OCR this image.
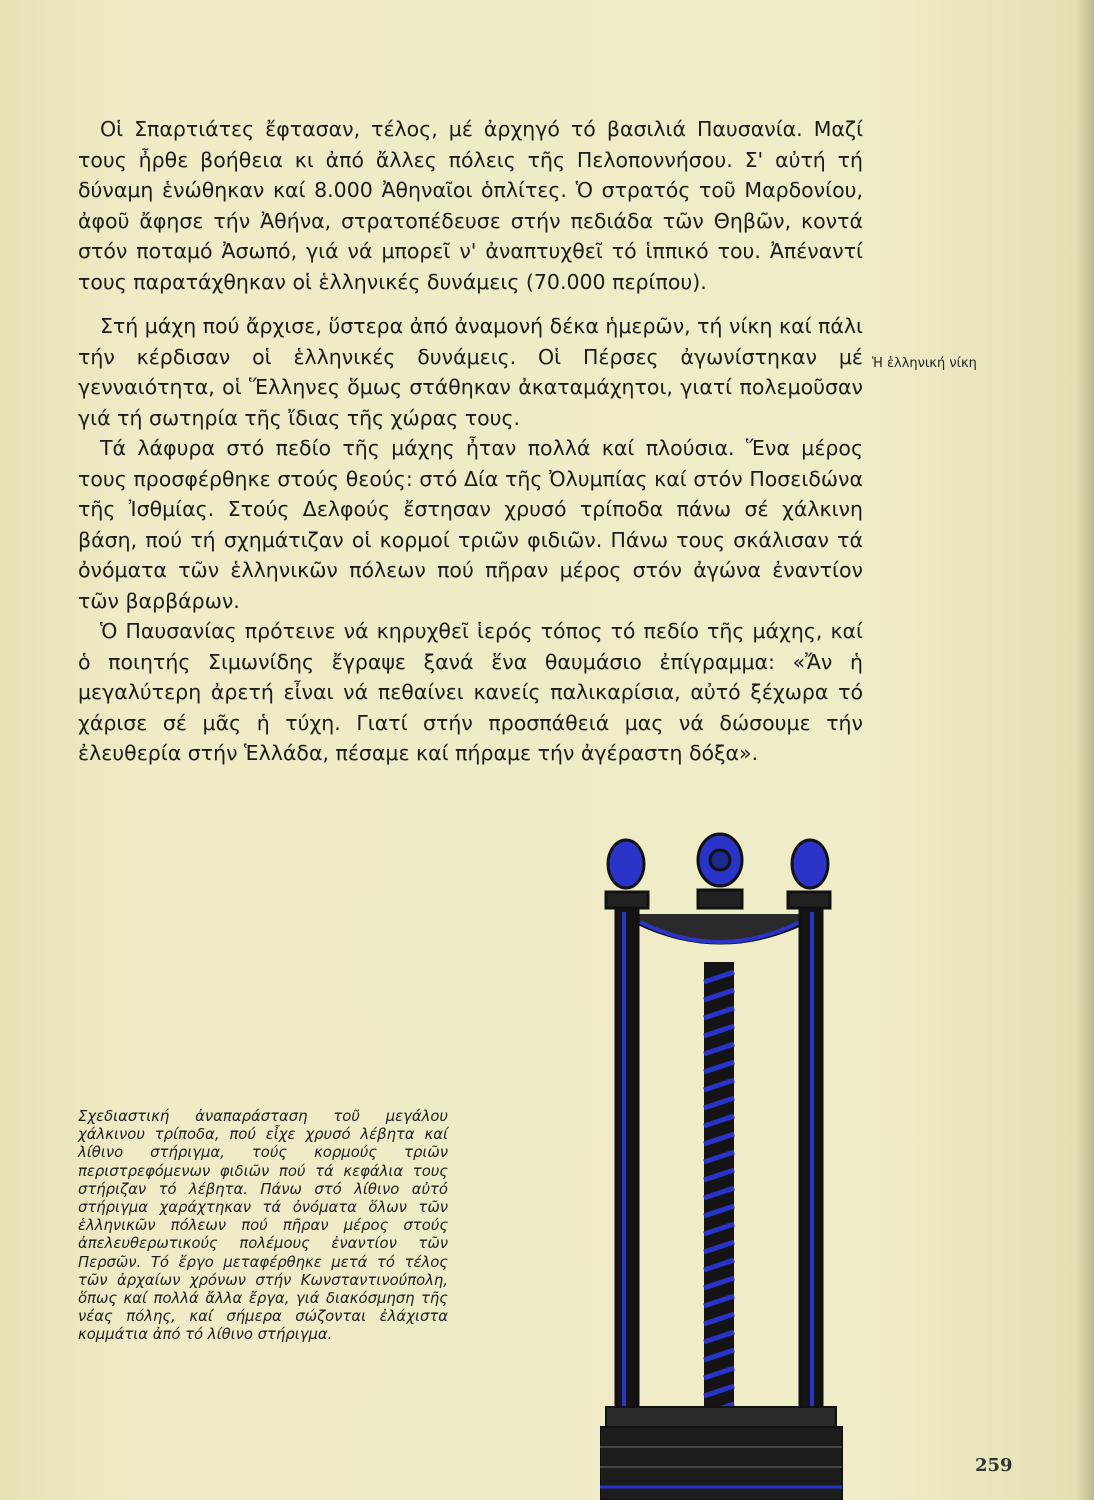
Οἱ Σπαρτιάτες ἔφτασαν, τέλος, μέ ἀρχηγό τό βασιλιά Παυσανία. Μαζί τους ἦρθε βοήθεια κι ἀπό ἄλλες πόλεις τῆς Πελοποννήσου. Σ' αὐτή τή δύναμη ἑνώθηκαν καί 8.000 Ἀθηναῖοι ὁπλίτες. Ὁ στρατός τοῦ Μαρδονίου, ἀφοῦ ἄφησε τήν Ἀθήνα, στρατοπέδευσε στήν πεδιάδα τῶν Θηβῶν, κοντά στόν ποταμό Ἀσωπό, γιά νά μπορεῖ ν' ἀναπτυχθεῖ τό ἱππικό του. Ἀπέναντί τους παρατάχθηκαν οἱ ἑλληνικές δυνάμεις (70.000 περίπου).

Στή μάχη πού ἄρχισε, ὕστερα ἀπό ἀναμονή δέκα ἡμερῶν, τή νίκη καί πάλι τήν κέρδισαν οἱ ἑλληνικές δυνάμεις. Οἱ Πέρσες ἀγωνίστηκαν μέ γενναιότητα, οἱ Ἕλληνες ὅμως στάθηκαν ἀκαταμάχητοι, γιατί πολεμοῦσαν γιά τή σωτηρία τῆς ἴδιας τῆς χώρας τους.

Τά λάφυρα στό πεδίο τῆς μάχης ἦταν πολλά καί πλούσια. Ἕνα μέρος τους προσφέρθηκε στούς θεούς: στό Δία τῆς Ὀλυμπίας καί στόν Ποσειδώνα τῆς Ἰσθμίας. Στούς Δελφούς ἔστησαν χρυσό τρίποδα πάνω σέ χάλκινη βάση, πού τή σχημάτιζαν οἱ κορμοί τριῶν φιδιῶν. Πάνω τους σκάλισαν τά ὀνόματα τῶν ἑλληνικῶν πόλεων πού πῆραν μέρος στόν ἀγώνα ἐναντίον τῶν βαρβάρων.

Ὁ Παυσανίας πρότεινε νά κηρυχθεῖ ἱερός τόπος τό πεδίο τῆς μάχης, καί ὁ ποιητής Σιμωνίδης ἔγραψε ξανά ἕνα θαυμάσιο ἐπίγραμμα: «Ἄν ἡ μεγαλύτερη ἀρετή εἶναι νά πεθαίνει κανείς παλικαρίσια, αὐτό ξέχωρα τό χάρισε σέ μᾶς ἡ τύχη. Γιατί στήν προσπάθειά μας νά δώσουμε τήν ἐλευθερία στήν Ἑλλάδα, πέσαμε καί πήραμε τήν ἀγέραστη δόξα».

Ἡ ἑλληνική νίκη
Σχεδιαστική ἀναπαράσταση τοῦ μεγάλου χάλκινου τρίποδα, πού εἶχε χρυσό λέβητα καί λίθινο στήριγμα, τούς κορμούς τριῶν περιστρεφόμενων φιδιῶν πού τά κεφάλια τους στήριζαν τό λέβητα. Πάνω στό λίθινο αὐτό στήριγμα χαράχτηκαν τά ὀνόματα ὅλων τῶν ἑλληνικῶν πόλεων πού πῆραν μέρος στούς ἀπελευθερωτικούς πολέμους ἐναντίον τῶν Περσῶν. Τό ἔργο μεταφέρθηκε μετά τό τέλος τῶν ἀρχαίων χρόνων στήν Κωνσταντινούπολη, ὅπως καί πολλά ἄλλα ἔργα, γιά διακόσμηση τῆς νέας πόλης, καί σήμερα σώζονται ἐλάχιστα κομμάτια ἀπό τό λίθινο στήριγμα.
259
